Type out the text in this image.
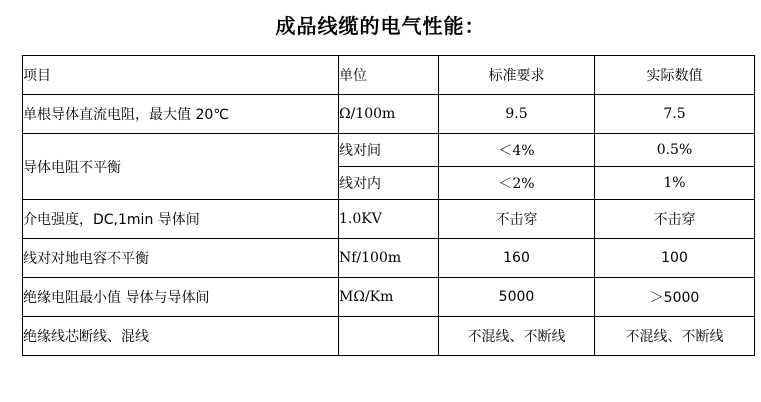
成品线缆的电气性能：
项目	单位	标准要求	实际数值
单根导体直流电阻，最大值 20℃	Ω/100m	9.5	7.5
导体电阻不平衡	线对间	＜4%	0.5%
	线对内	＜2%	1%
介电强度，DC,1min 导体间	1.0KV	不击穿	不击穿
线对对地电容不平衡	Nf/100m	160	100
绝缘电阻最小值 导体与导体间	MΩ/Km	5000	＞5000
绝缘线芯断线、混线		不混线、不断线	不混线、不断线
